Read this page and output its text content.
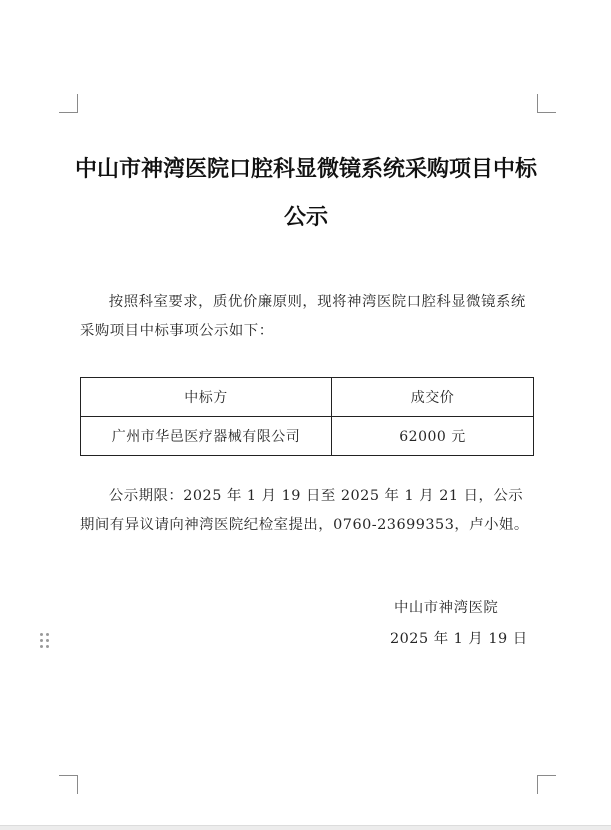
中山市神湾医院口腔科显微镜系统采购项目中标公示

按照科室要求，质优价廉原则，现将神湾医院口腔科显微镜系统采购项目中标事项公示如下：

中标方	成交价
广州市华邑医疗器械有限公司	62000 元

公示期限：2025 年 1 月 19 日至 2025 年 1 月 21 日，公示期间有异议请向神湾医院纪检室提出，0760-23699353，卢小姐。

中山市神湾医院
2025 年 1 月 19 日
